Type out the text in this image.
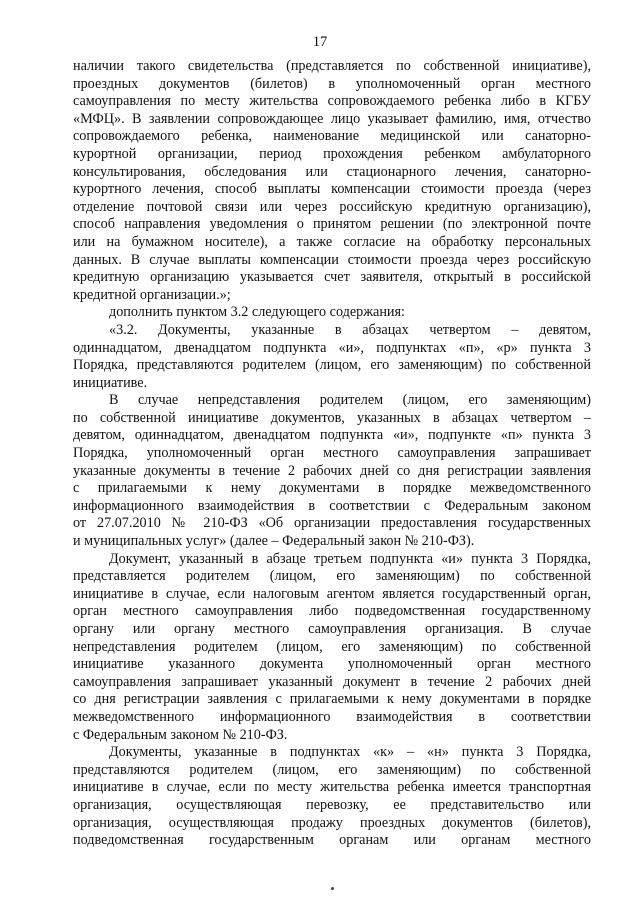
17
наличии такого свидетельства (представляется по собственной инициативе),
проездных документов (билетов) в уполномоченный орган местного
самоуправления по месту жительства сопровождаемого ребенка либо в КГБУ
«МФЦ». В заявлении сопровождающее лицо указывает фамилию, имя, отчество
сопровождаемого ребенка, наименование медицинской или санаторно-
курортной организации, период прохождения ребенком амбулаторного
консультирования, обследования или стационарного лечения, санаторно-
курортного лечения, способ выплаты компенсации стоимости проезда (через
отделение почтовой связи или через российскую кредитную организацию),
способ направления уведомления о принятом решении (по электронной почте
или на бумажном носителе), а также согласие на обработку персональных
данных. В случае выплаты компенсации стоимости проезда через российскую
кредитную организацию указывается счет заявителя, открытый в российской
кредитной организации.»;
дополнить пунктом 3.2 следующего содержания:
«3.2. Документы, указанные в абзацах четвертом – девятом,
одиннадцатом, двенадцатом подпункта «и», подпунктах «п», «р» пункта 3
Порядка, представляются родителем (лицом, его заменяющим) по собственной
инициативе.
В случае непредставления родителем (лицом, его заменяющим)
по собственной инициативе документов, указанных в абзацах четвертом –
девятом, одиннадцатом, двенадцатом подпункта «и», подпункте «п» пункта 3
Порядка, уполномоченный орган местного самоуправления запрашивает
указанные документы в течение 2 рабочих дней со дня регистрации заявления
с прилагаемыми к нему документами в порядке межведомственного
информационного взаимодействия в соответствии с Федеральным законом
от 27.07.2010 № 210-ФЗ «Об организации предоставления государственных
и муниципальных услуг» (далее – Федеральный закон № 210-ФЗ).
Документ, указанный в абзаце третьем подпункта «и» пункта 3 Порядка,
представляется родителем (лицом, его заменяющим) по собственной
инициативе в случае, если налоговым агентом является государственный орган,
орган местного самоуправления либо подведомственная государственному
органу или органу местного самоуправления организация. В случае
непредставления родителем (лицом, его заменяющим) по собственной
инициативе указанного документа уполномоченный орган местного
самоуправления запрашивает указанный документ в течение 2 рабочих дней
со дня регистрации заявления с прилагаемыми к нему документами в порядке
межведомственного информационного взаимодействия в соответствии
с Федеральным законом № 210-ФЗ.
Документы, указанные в подпунктах «к» – «н» пункта 3 Порядка,
представляются родителем (лицом, его заменяющим) по собственной
инициативе в случае, если по месту жительства ребенка имеется транспортная
организация, осуществляющая перевозку, ее представительство или
организация, осуществляющая продажу проездных документов (билетов),
подведомственная государственным органам или органам местного
